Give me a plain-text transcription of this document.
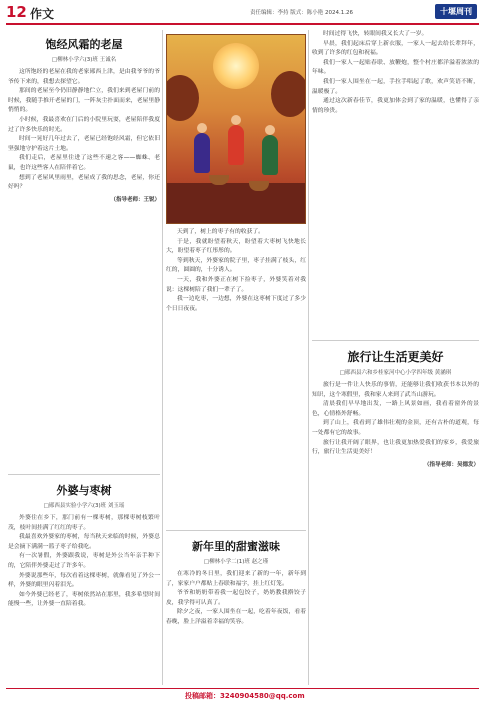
12 作文	责任编辑：李持 版式：陈小艳 2024.1.26	十堰周刊
饱经风霜的老屋
□柳林小学六(3)班 王诚名

这所饱经的老屋在我的老家郧西上津，是由我爷爷的爷爷传下来的，我想去探望它。

那间的老屋至今仍旧静静地伫立，我们来到老屋门前的时候，我随手推开老屋的门，一阵灰尘扑面而来，老屋里静悄悄的。

小时候，我最喜欢在门后的小院里玩耍，老屋陪伴我度过了许多快乐的时光。

时间一晃好几年过去了，老屋已经饱经风霜，但它依旧坚强地守护着这片土地。

我们走后，老屋里住进了这些不速之客——蜘蛛、老鼠，也许这些客人在陪伴着它。

想到了老屋风里雨里，老屋成了我的思念，老屋，你还好吗？

（指导老师：王锐）

天到了，树上的枣子有的收获了。

于是，我就盼望着秋天，盼望着大枣树飞快地长大，盼望着枣子红彤彤的。

等到秋天，外婆家的院子里，枣子挂满了枝头，红红的，圆圆的，十分诱人。

一天，我和外婆正在树下捡枣子，外婆笑着对我说：这棵树陪了我们一辈子了。

我一边吃枣，一边想，外婆在这枣树下度过了多少个日日夜夜。

外婆与枣树
□郧西县实验小学六(3)班 刘玉瑶

外婆住在乡下，那门前有一棵枣树，那棵枣树枝繁叶茂，枝叶间挂满了红红的枣子。

我最喜欢外婆家的枣树，每当秋天来临的时候，外婆总是会摘下满满一篮子枣子给我吃。

有一次暑假，外婆跟我说，枣树是外公当年亲手种下的，它陪伴外婆走过了许多年。

外婆说那些年，每次看着这棵枣树，就像看见了外公一样，外婆的眼里闪着泪光。

如今外婆已经老了，枣树依然站在那里，我多希望时间能慢一些，让外婆一直陪着我。

新年里的甜蜜滋味
□柳林小学二(1)班 赵之瑾

在寒冷的冬日里，我们迎来了新的一年，新年到了，家家户户都贴上春联和福字，挂上红灯笼。

爷爷和奶奶带着我一起包饺子，奶奶教我擀饺子皮，我学得可认真了。

除夕之夜，一家人围坐在一起，吃着年夜饭，看着春晚，脸上洋溢着幸福的笑容。

时间过得飞快，转眼间我又长大了一岁。

早晨，我们起床后穿上新衣服，一家人一起去给长辈拜年，收到了许多的红包和祝福。

我们一家人一起贴春联、放鞭炮，整个村庄都洋溢着浓浓的年味。

我们一家人围坐在一起，手拉手唱起了歌，欢声笑语不断，温暖极了。

通过这次新春佳节，我更加体会到了家的温暖，也懂得了亲情的珍贵。

旅行让生活更美好
□郧西县六和乡桂家河中心小学四年级 黄涵琪

旅行是一件让人快乐的事情，还能够让我们收获书本以外的知识，这个寒假里，我和家人来到了武当山游玩。

清晨我们早早地出发，一路上风景如画，我看着窗外的景色，心情格外舒畅。

到了山上，我看到了雄伟壮观的金顶，还有古朴的道观，每一处都有它的故事。

旅行让我开阔了眼界，也让我更加热爱我们的家乡，我爱旅行，旅行让生活更美好！

（指导老师：吴德发）
投稿邮箱：3240904580@qq.com
